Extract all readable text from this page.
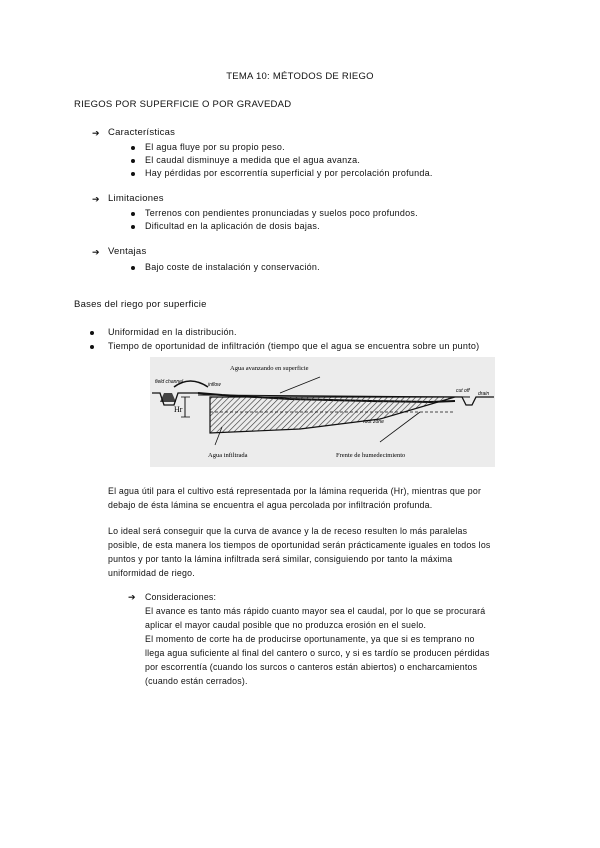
TEMA 10: MÉTODOS DE RIEGO
RIEGOS POR SUPERFICIE O POR GRAVEDAD
➔ Características
El agua fluye por su propio peso.
El caudal disminuye a medida que el agua avanza.
Hay pérdidas por escorrentía superficial y por percolación profunda.
➔ Limitaciones
Terrenos con pendientes pronunciadas y suelos poco profundos.
Dificultad en la aplicación de dosis bajas.
➔ Ventajas
Bajo coste de instalación y conservación.
Bases del riego por superficie
Uniformidad en la distribución.
Tiempo de oportunidad de infiltración (tiempo que el agua se encuentra sobre un punto)
Agua avanzando en superficie
field channel	inflow
cut off drain
Hr
root zone
Agua infiltrada	Frente de humedecimiento
El agua útil para el cultivo está representada por la lámina requerida (Hr), mientras que por
debajo de ésta lámina se encuentra el agua percolada por infiltración profunda.
Lo ideal será conseguir que la curva de avance y la de receso resulten lo más paralelas
posible, de esta manera los tiempos de oportunidad serán prácticamente iguales en todos los
puntos y por tanto la lámina infiltrada será similar, consiguiendo por tanto la máxima
uniformidad de riego.
➔ Consideraciones:
El avance es tanto más rápido cuanto mayor sea el caudal, por lo que se procurará
aplicar el mayor caudal posible que no produzca erosión en el suelo.
El momento de corte ha de producirse oportunamente, ya que si es temprano no
llega agua suficiente al final del cantero o surco, y si es tardío se producen pérdidas
por escorrentía (cuando los surcos o canteros están abiertos) o encharcamientos
(cuando están cerrados).
